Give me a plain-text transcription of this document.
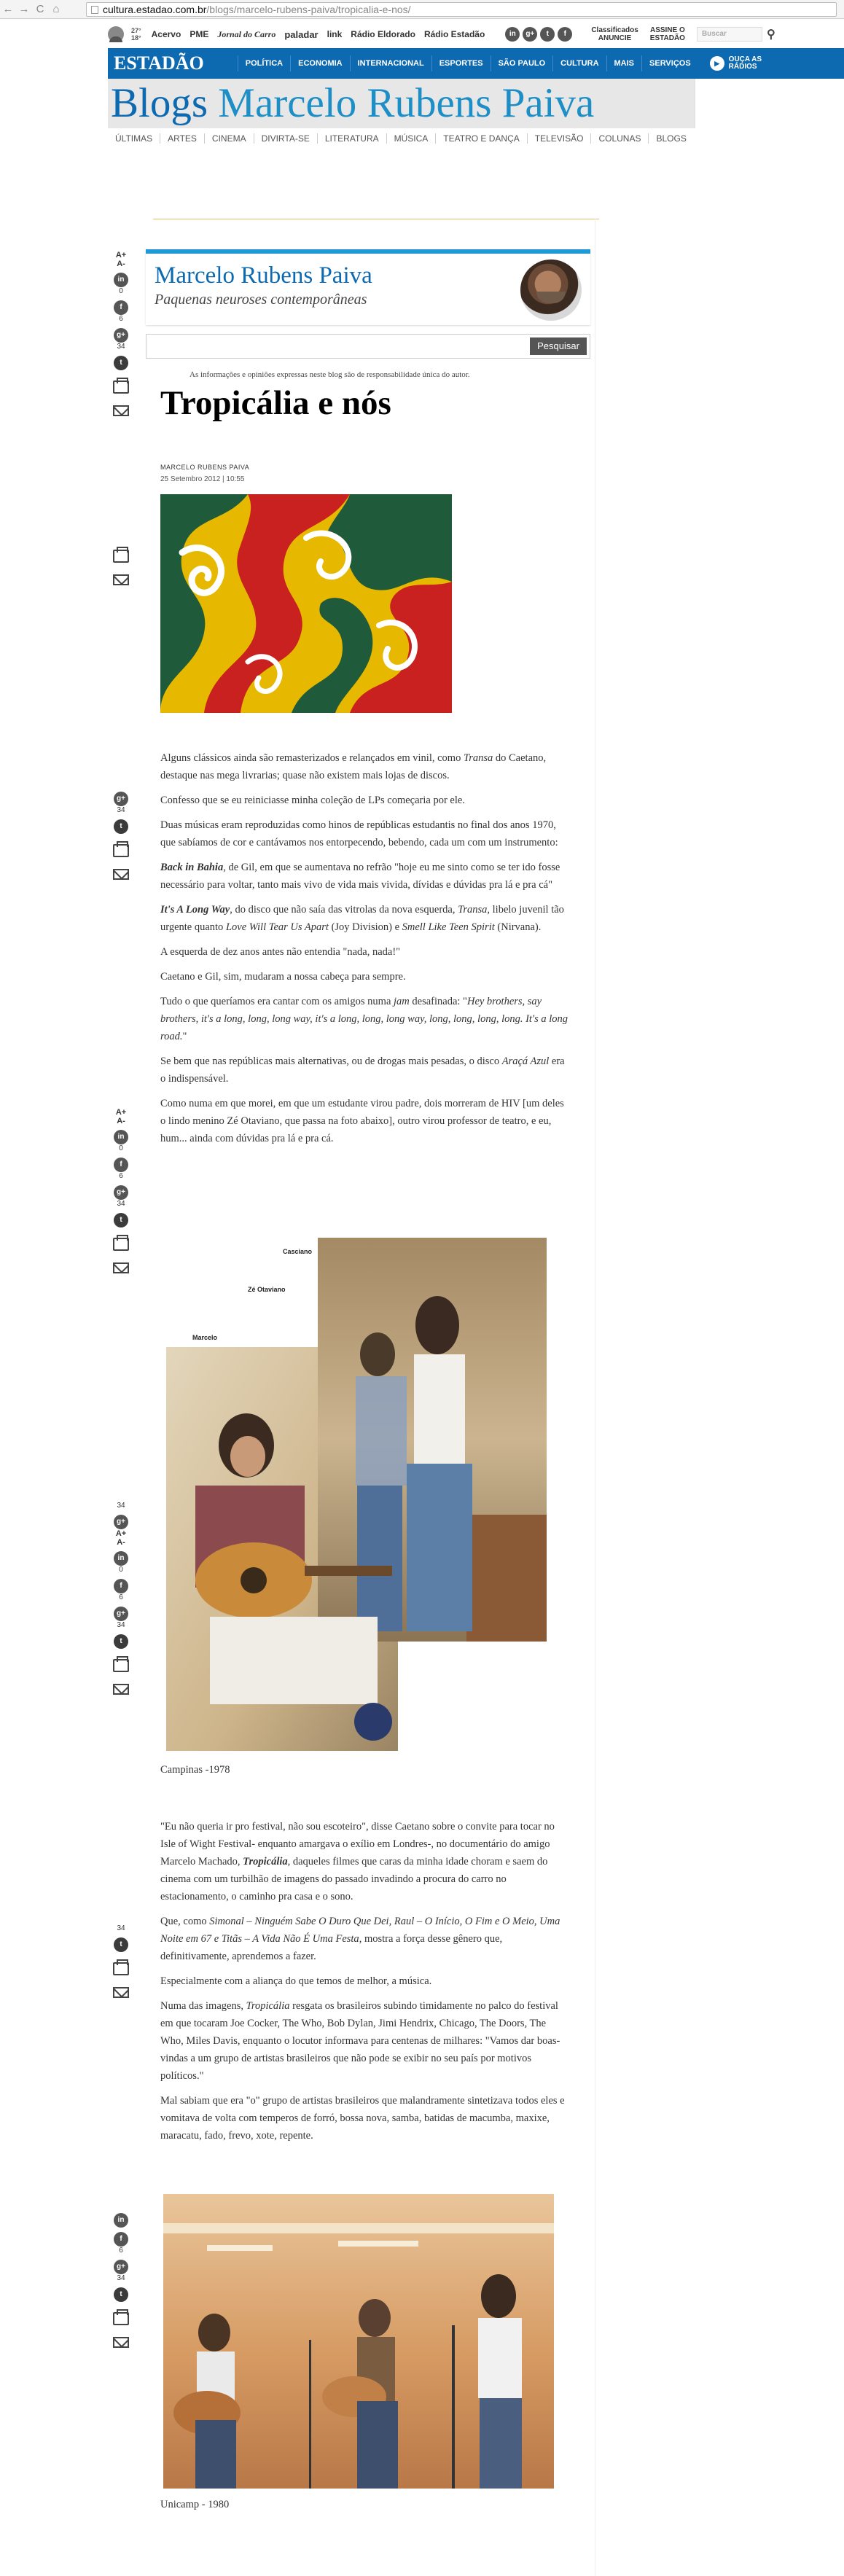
← → C ⌂	cultura.estadao.com.br/blogs/marcelo-rubens-paiva/tropicalia-e-nos/
27°
18° Acervo PME Jornal do Carro paladar link Rádio Eldorado Rádio Estadão	in	g+	t	f	Classificados
ANUNCIE
ASSINE O
ESTADÃO
Buscar	⚲
ESTADÃO	POLÍTICA	ECONOMIA	INTERNACIONAL	ESPORTES	SÃO PAULO	CULTURA	MAIS	SERVIÇOS	▶	OUÇA AS
RÁDIOS
Blogs Marcelo Rubens Paiva
ÚLTIMAS	ARTES	CINEMA	DIVIRTA-SE	LITERATURA	MÚSICA	TEATRO E DANÇA	TELEVISÃO	COLUNAS	BLOGS
A+
A-
in
0
f
6
g+
34
t
g+
34
t
A+
A-
in
0
f
6
g+
34
t
34
g+
A+
A-
in
0
f
6
g+
34
t
34
t
in
f
6
g+
34
t
Marcelo Rubens Paiva
Paquenas neuroses contemporâneas
Pesquisar
As informações e opiniões expressas neste blog são de responsabilidade única do autor.
Tropicália e nós
MARCELO RUBENS PAIVA
25 Setembro 2012 | 10:55

Alguns clássicos ainda são remasterizados e relançados em vinil, como Transa do Caetano, destaque nas mega livrarias; quase não existem mais lojas de discos.

Confesso que se eu reiniciasse minha coleção de LPs começaria por ele.

Duas músicas eram reproduzidas como hinos de repúblicas estudantis no final dos anos 1970, que sabíamos de cor e cantávamos nos entorpecendo, bebendo, cada um com um instrumento:

Back in Bahia, de Gil, em que se aumentava no refrão "hoje eu me sinto como se ter ido fosse necessário para voltar, tanto mais vivo de vida mais vivida, dívidas e dúvidas pra lá e pra cá"

It's A Long Way, do disco que não saía das vitrolas da nova esquerda, Transa, libelo juvenil tão urgente quanto Love Will Tear Us Apart (Joy Division) e Smell Like Teen Spirit (Nirvana).

A esquerda de dez anos antes não entendia "nada, nada!"

Caetano e Gil, sim, mudaram a nossa cabeça para sempre.

Tudo o que queríamos era cantar com os amigos numa jam desafinada: "Hey brothers, say brothers, it's a long, long, long way, it's a long, long, long way, long, long, long, long. It's a long road."

Se bem que nas repúblicas mais alternativas, ou de drogas mais pesadas, o disco Araçá Azul era o indispensável.

Como numa em que morei, em que um estudante virou padre, dois morreram de HIV [um deles o lindo menino Zé Otaviano, que passa na foto abaixo], outro virou professor de teatro, e eu, hum... ainda com dúvidas pra lá e pra cá.

Casciano
Zé Otaviano
Marcelo
Campinas -1978

"Eu não queria ir pro festival, não sou escoteiro", disse Caetano sobre o convite para tocar no Isle of Wight Festival- enquanto amargava o exílio em Londres-, no documentário do amigo Marcelo Machado, Tropicália, daqueles filmes que caras da minha idade choram e saem do cinema com um turbilhão de imagens do passado invadindo a procura do carro no estacionamento, o caminho pra casa e o sono.

Que, como Simonal – Ninguém Sabe O Duro Que Dei, Raul – O Início, O Fim e O Meio, Uma Noite em 67 e Titãs – A Vida Não É Uma Festa, mostra a força desse gênero que, definitivamente, aprendemos a fazer.

Especialmente com a aliança do que temos de melhor, a música.

Numa das imagens, Tropicália resgata os brasileiros subindo timidamente no palco do festival em que tocaram Joe Cocker, The Who, Bob Dylan, Jimi Hendrix, Chicago, The Doors, The Who, Miles Davis, enquanto o locutor informava para centenas de milhares: "Vamos dar boas-vindas a um grupo de artistas brasileiros que não pode se exibir no seu país por motivos políticos."

Mal sabiam que era "o" grupo de artistas brasileiros que malandramente sintetizava todos eles e vomitava de volta com temperos de forró, bossa nova, samba, batidas de macumba, maxixe, maracatu, fado, frevo, xote, repente.

Unicamp - 1980
